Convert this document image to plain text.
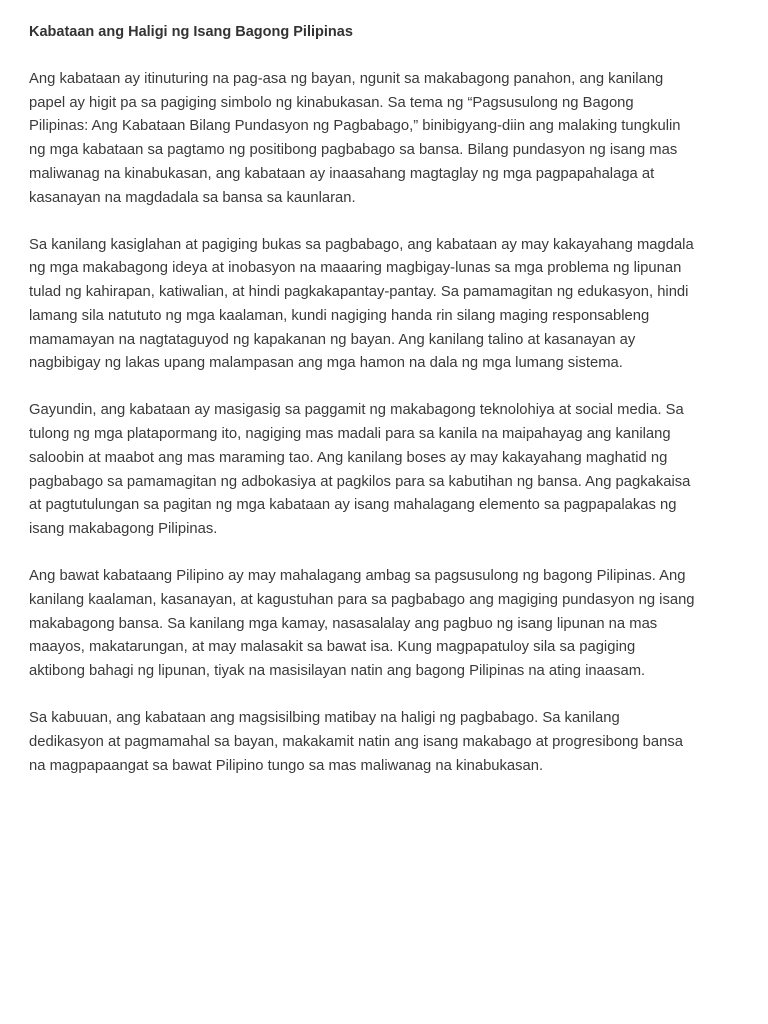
Kabataan ang Haligi ng Isang Bagong Pilipinas

Ang kabataan ay itinuturing na pag-asa ng bayan, ngunit sa makabagong panahon, ang kanilang
papel ay higit pa sa pagiging simbolo ng kinabukasan. Sa tema ng “Pagsusulong ng Bagong
Pilipinas: Ang Kabataan Bilang Pundasyon ng Pagbabago,” binibigyang-diin ang malaking tungkulin
ng mga kabataan sa pagtamo ng positibong pagbabago sa bansa. Bilang pundasyon ng isang mas
maliwanag na kinabukasan, ang kabataan ay inaasahang magtaglay ng mga pagpapahalaga at
kasanayan na magdadala sa bansa sa kaunlaran.

Sa kanilang kasiglahan at pagiging bukas sa pagbabago, ang kabataan ay may kakayahang magdala
ng mga makabagong ideya at inobasyon na maaaring magbigay-lunas sa mga problema ng lipunan
tulad ng kahirapan, katiwalian, at hindi pagkakapantay-pantay. Sa pamamagitan ng edukasyon, hindi
lamang sila natututo ng mga kaalaman, kundi nagiging handa rin silang maging responsableng
mamamayan na nagtataguyod ng kapakanan ng bayan. Ang kanilang talino at kasanayan ay
nagbibigay ng lakas upang malampasan ang mga hamon na dala ng mga lumang sistema.

Gayundin, ang kabataan ay masigasig sa paggamit ng makabagong teknolohiya at social media. Sa
tulong ng mga platapormang ito, nagiging mas madali para sa kanila na maipahayag ang kanilang
saloobin at maabot ang mas maraming tao. Ang kanilang boses ay may kakayahang maghatid ng
pagbabago sa pamamagitan ng adbokasiya at pagkilos para sa kabutihan ng bansa. Ang pagkakaisa
at pagtutulungan sa pagitan ng mga kabataan ay isang mahalagang elemento sa pagpapalakas ng
isang makabagong Pilipinas.

Ang bawat kabataang Pilipino ay may mahalagang ambag sa pagsusulong ng bagong Pilipinas. Ang
kanilang kaalaman, kasanayan, at kagustuhan para sa pagbabago ang magiging pundasyon ng isang
makabagong bansa. Sa kanilang mga kamay, nasasalalay ang pagbuo ng isang lipunan na mas
maayos, makatarungan, at may malasakit sa bawat isa. Kung magpapatuloy sila sa pagiging
aktibong bahagi ng lipunan, tiyak na masisilayan natin ang bagong Pilipinas na ating inaasam.

Sa kabuuan, ang kabataan ang magsisilbing matibay na haligi ng pagbabago. Sa kanilang
dedikasyon at pagmamahal sa bayan, makakamit natin ang isang makabago at progresibong bansa
na magpapaangat sa bawat Pilipino tungo sa mas maliwanag na kinabukasan.
